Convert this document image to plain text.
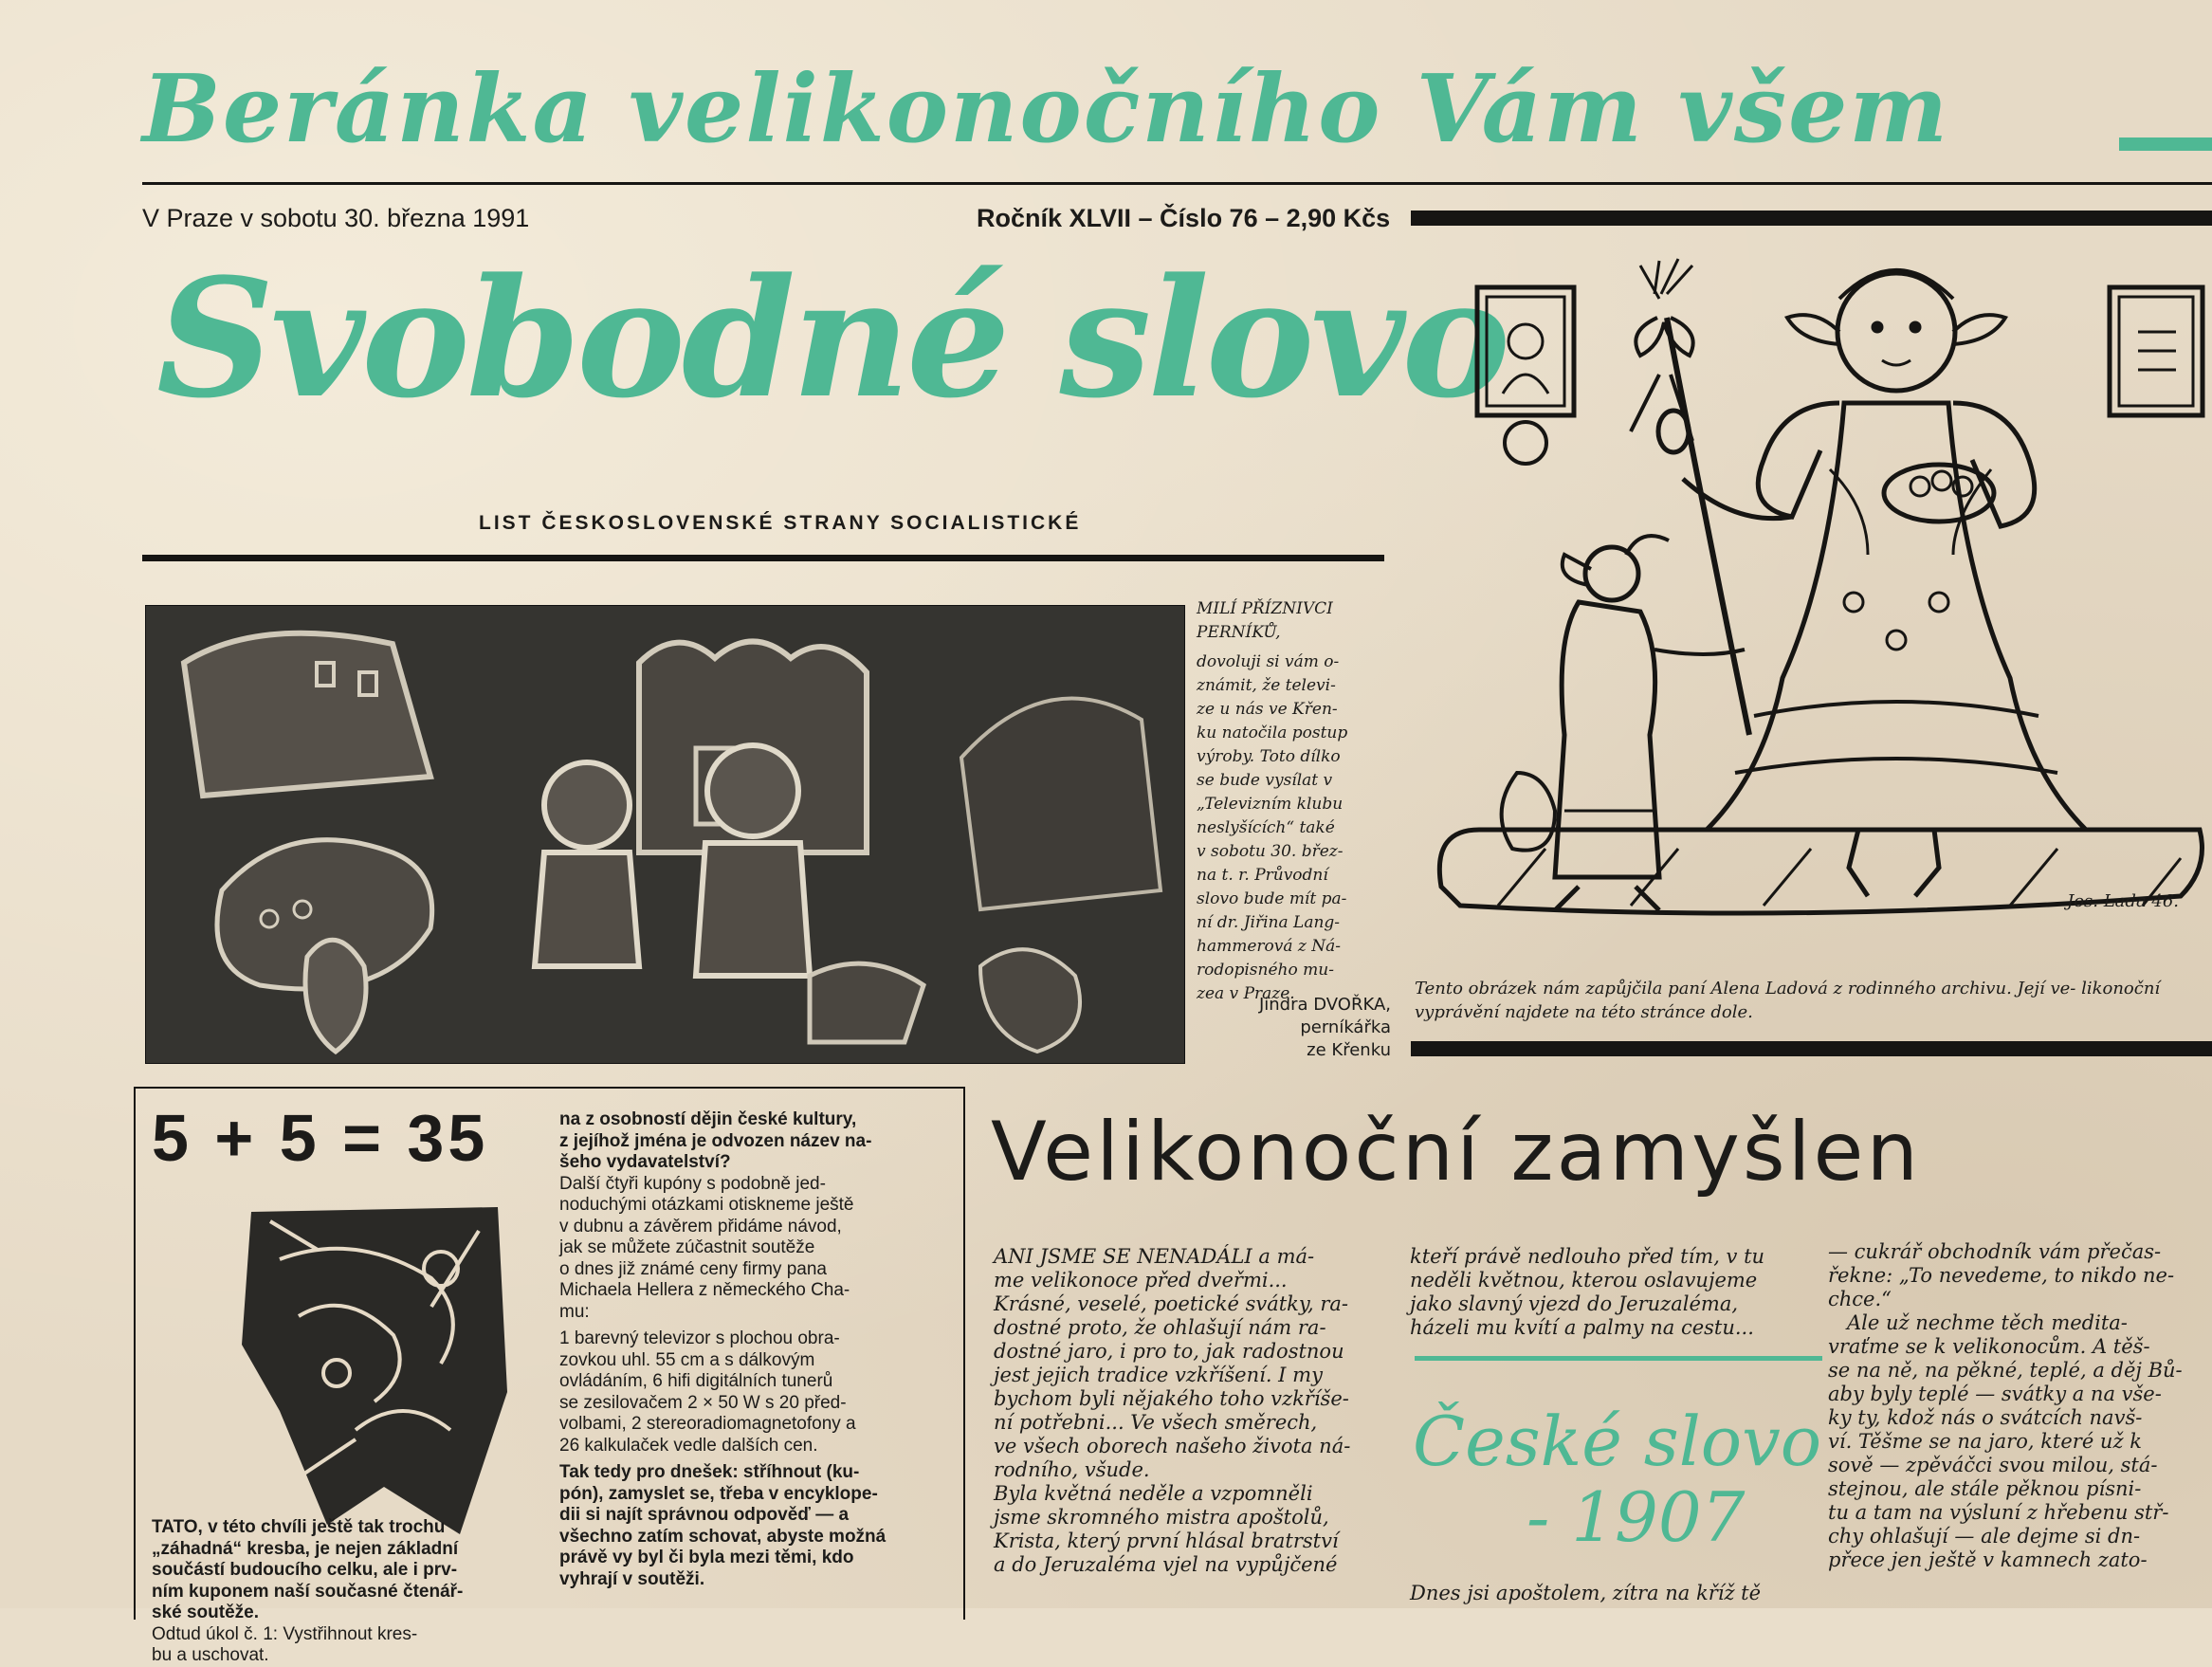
Beránka velikonočního Vám všem
V Praze v sobotu 30. března 1991	Ročník XLVII – Číslo 76 – 2,90 Kčs
Svobodné slovo
LIST ČESKOSLOVENSKÉ STRANY SOCIALISTICKÉ

MILÍ PŘÍZNIVCI

PERNÍKŮ,

dovoluji si vám o-

známit, že televi-

ze u nás ve Křen-

ku natočila postup

výroby. Toto dílko

se bude vysílat v

„Televizním klubu

neslyšících“ také

v sobotu 30. břez-

na t. r. Průvodní

slovo bude mít pa-

ní dr. Jiřina Lang-

hammerová z Ná-

rodopisného mu-

zea v Praze.

Jindra DVOŘKA,

perníkářka

ze Křenku

Jos. Lada 46.
Tento obrázek nám zapůjčila paní Alena Ladová z rodinného archivu. Její ve- likonoční vyprávění najdete na této stránce dole.
5 + 5 = 35

TATO, v této chvíli ještě tak trochu

„záhadná“ kresba, je nejen základní

součástí budoucího celku, ale i prv-

ním kuponem naší současné čtenář-

ské soutěže.

Odtud úkol č. 1: Vystřihnout kres-

bu a uschovat.

na z osobností dějin české kultury,

z jejíhož jména je odvozen název na-

šeho vydavatelství?

Další čtyři kupóny s podobně jed-

noduchými otázkami otiskneme ještě

v dubnu a závěrem přidáme návod,

jak se můžete zúčastnit soutěže

o dnes již známé ceny firmy pana

Michaela Hellera z německého Cha-

mu:

1 barevný televizor s plochou obra-

zovkou uhl. 55 cm a s dálkovým

ovládáním, 6 hifi digitálních tunerů

se zesilovačem 2 × 50 W s 20 před-

volbami, 2 stereoradiomagnetofony a

26 kalkulaček vedle dalších cen.

Tak tedy pro dnešek: stříhnout (ku-

pón), zamyslet se, třeba v encyklope-

dii si najít správnou odpověď — a

všechno zatím schovat, abyste možná

právě vy byl či byla mezi těmi, kdo

vyhrají v soutěži.

Velikonoční zamyšlen

ANI JSME SE NENADÁLI a má-

me velikonoce před dveřmi...

Krásné, veselé, poetické svátky, ra-

dostné proto, že ohlašují nám ra-

dostné jaro, i pro to, jak radostnou

jest jejich tradice vzkříšení. I my

bychom byli nějakého toho vzkříše-

ní potřebni... Ve všech směrech,

ve všech oborech našeho života ná-

rodního, všude.

Byla květná neděle a vzpomněli

jsme skromného mistra apoštolů,

Krista, který první hlásal bratrství

a do Jeruzaléma vjel na vypůjčené

kteří právě nedlouho před tím, v tu

neděli květnou, kterou oslavujeme

jako slavný vjezd do Jeruzaléma,

házeli mu kvítí a palmy na cestu...

České slovo

- 1907

Dnes jsi apoštolem, zítra na kříž tě

— cukrář obchodník vám přečas-

řekne: „To nevedeme, to nikdo ne-

chce.“

Ale už nechme těch medita-

vraťme se k velikonocům. A těš-

se na ně, na pěkné, teplé, a děj Bů-

aby byly teplé — svátky a na vše-

ky ty, kdož nás o svátcích navš-

ví. Těšme se na jaro, které už k

sově — zpěváčci svou milou, stá-

stejnou, ale stále pěknou písni-

tu a tam na výsluní z hřebenu stř-

chy ohlašují — ale dejme si dn-

přece jen ještě v kamnech zato-
